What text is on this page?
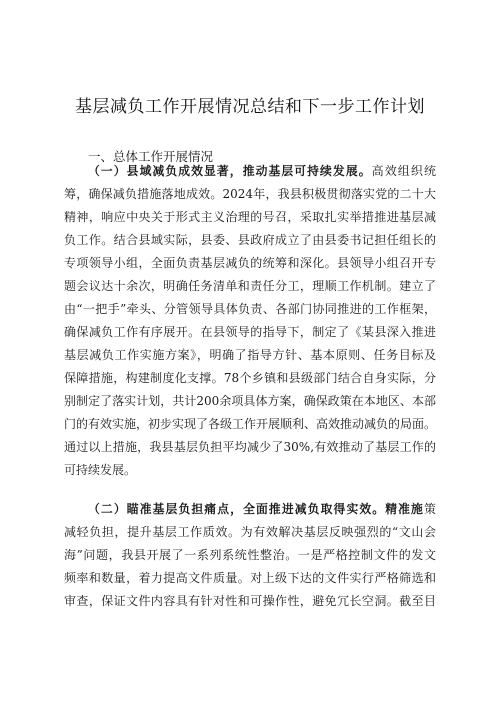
基层减负工作开展情况总结和下一步工作计划
一、总体工作开展情况
（一）县域减负成效显著，推动基层可持续发展。高效组织统
筹，确保减负措施落地成效。2024年，我县积极贯彻落实党的二十大
精神，响应中央关于形式主义治理的号召，采取扎实举措推进基层减
负工作。结合县域实际，县委、县政府成立了由县委书记担任组长的
专项领导小组，全面负责基层减负的统筹和深化。县领导小组召开专
题会议达十余次，明确任务清单和责任分工，理顺工作机制。建立了
由“一把手”牵头、分管领导具体负责、各部门协同推进的工作框架，
确保减负工作有序展开。在县领导的指导下，制定了《某县深入推进
基层减负工作实施方案》，明确了指导方针、基本原则、任务目标及
保障措施，构建制度化支撑。78个乡镇和县级部门结合自身实际，分
别制定了落实计划，共计200余项具体方案，确保政策在本地区、本部
门的有效实施，初步实现了各级工作开展顺利、高效推动减负的局面。
通过以上措施，我县基层负担平均减少了30%,有效推动了基层工作的
可持续发展。
（二）瞄准基层负担痛点，全面推进减负取得实效。精准施策
减轻负担，提升基层工作质效。为有效解决基层反映强烈的“文山会
海”问题，我县开展了一系列系统性整治。一是严格控制文件的发文
频率和数量，着力提高文件质量。对上级下达的文件实行严格筛选和
审查，保证文件内容具有针对性和可操作性，避免冗长空洞。截至目
